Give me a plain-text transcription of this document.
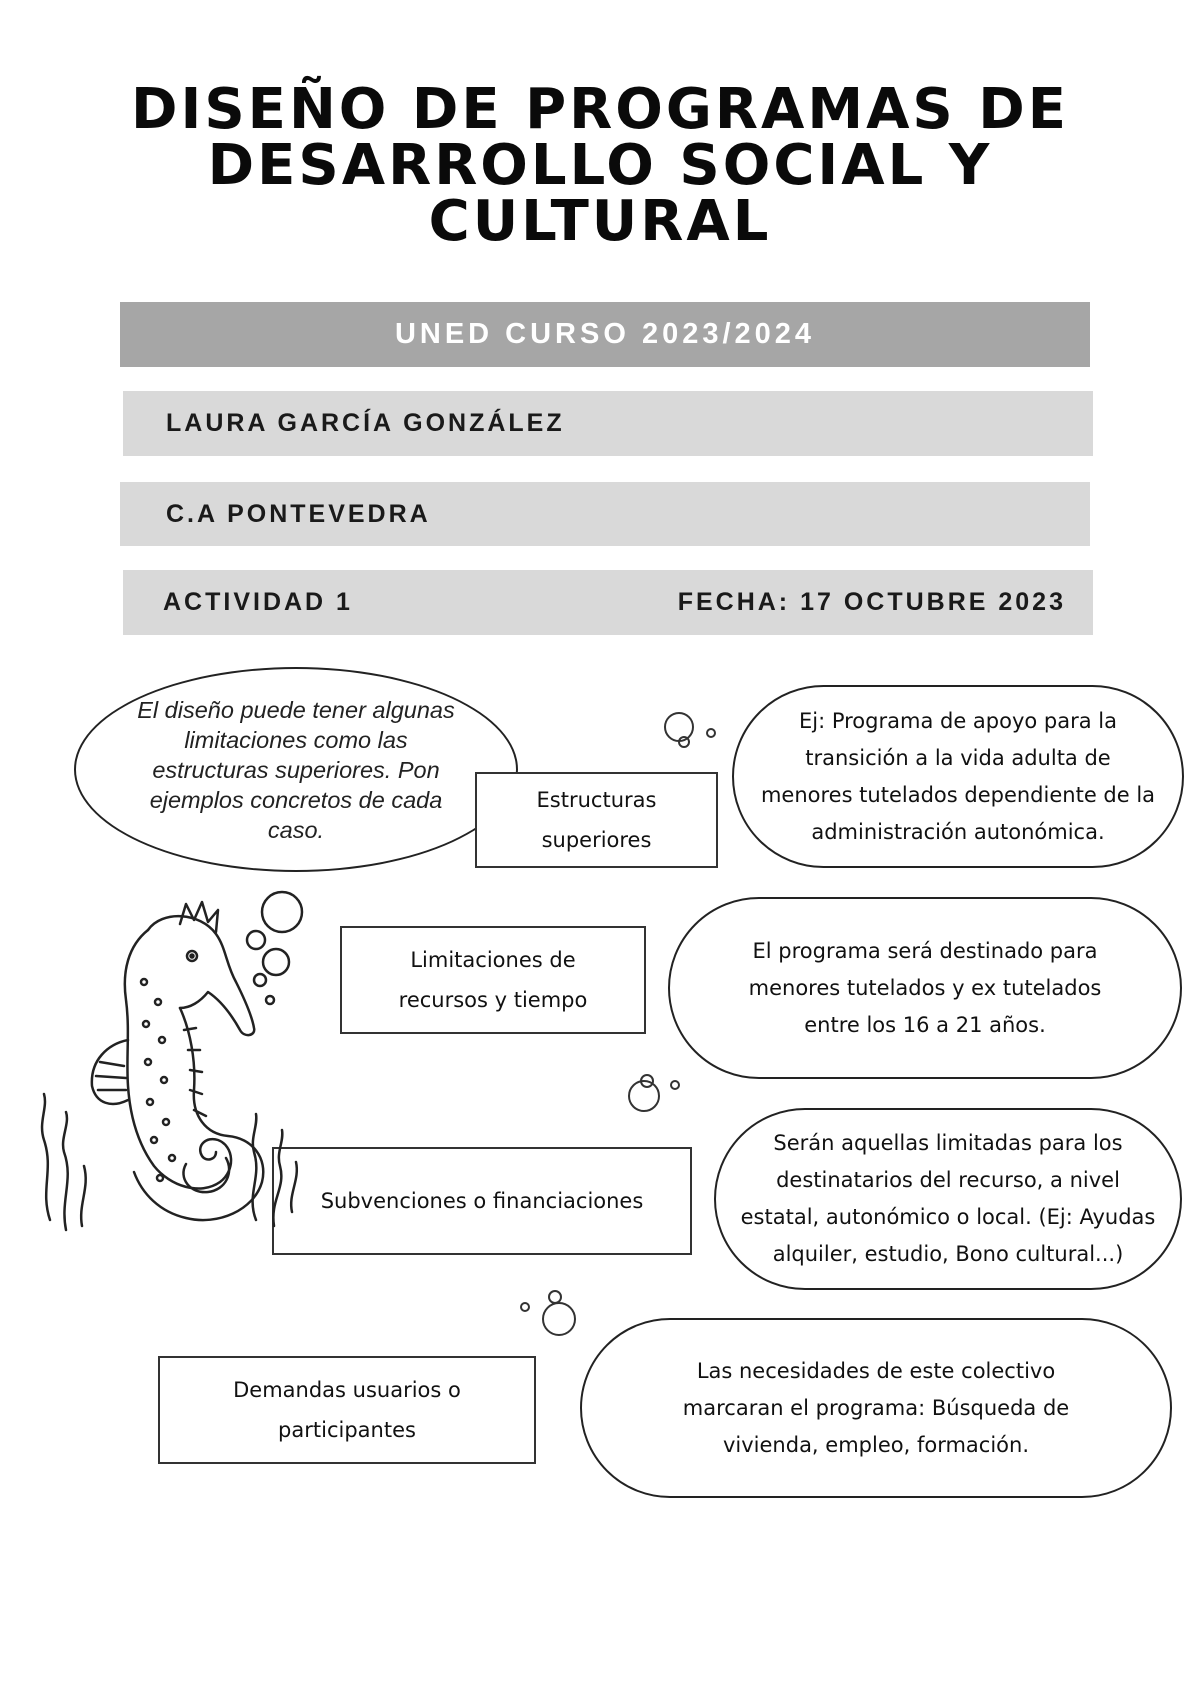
DISEÑO DE PROGRAMAS DE
DESARROLLO SOCIAL Y
CULTURAL
UNED CURSO 2023/2024
LAURA GARCÍA GONZÁLEZ
C.A PONTEVEDRA
ACTIVIDAD 1	FECHA: 17 OCTUBRE 2023
El diseño puede tener algunas limitaciones como las estructuras superiores. Pon ejemplos concretos de cada caso.
Estructuras superiores
Limitaciones de recursos y tiempo
Subvenciones o financiaciones
Demandas usuarios o participantes
Ej: Programa de apoyo para la transición a la vida adulta de menores tutelados dependiente de la administración autonómica.
El programa será destinado para menores tutelados y ex tutelados entre los 16 a 21 años.
Serán aquellas limitadas para los destinatarios del recurso, a nivel estatal, autonómico o local. (Ej: Ayudas alquiler, estudio, Bono cultural...)
Las necesidades de este colectivo marcaran el programa: Búsqueda de vivienda, empleo, formación.
